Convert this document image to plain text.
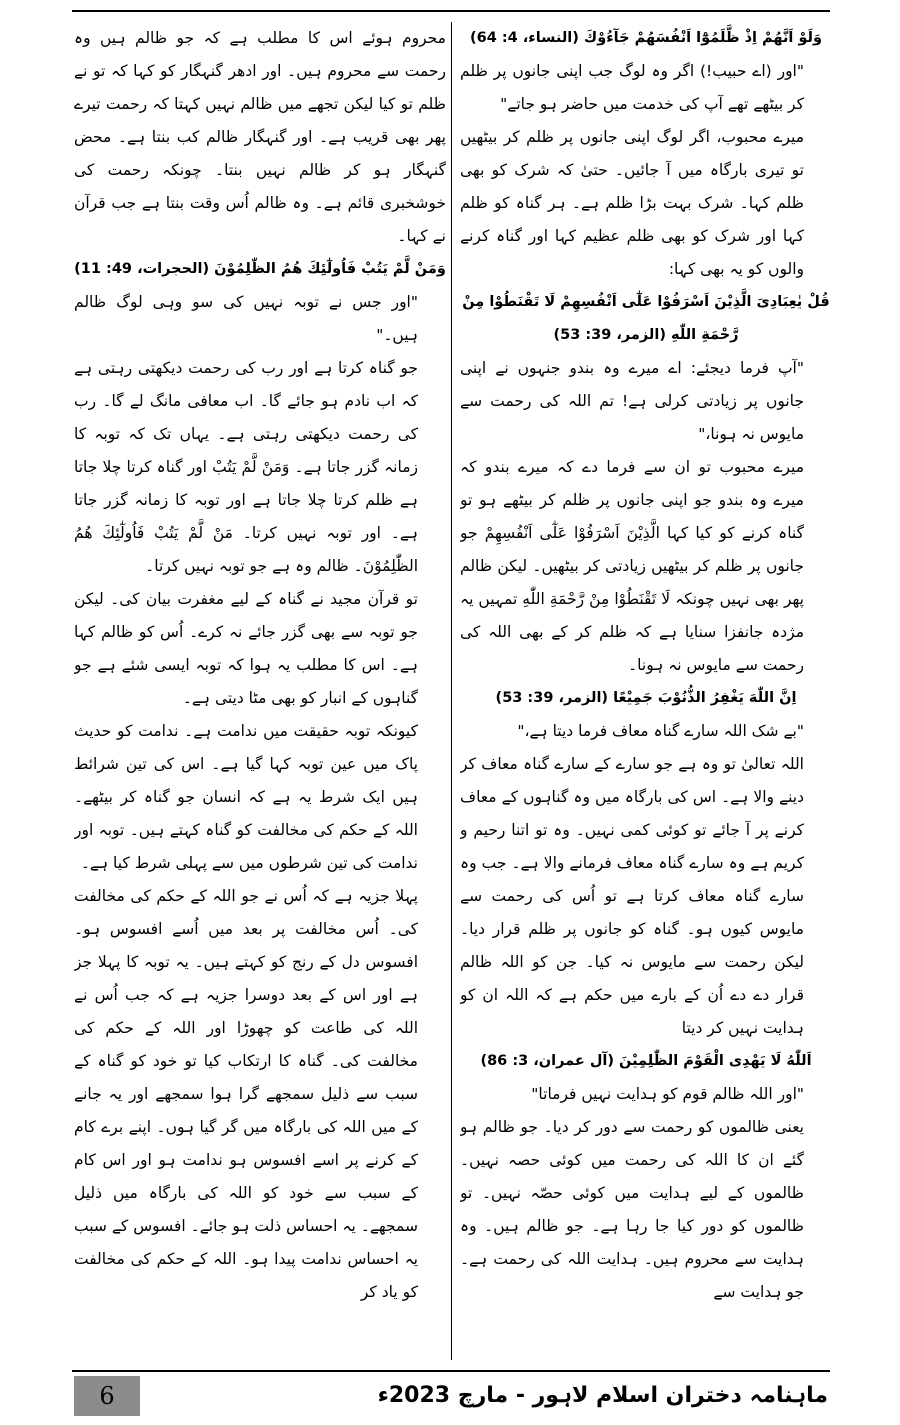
وَلَوْ اَنَّهُمْ اِذْ ظَّلَمُوْٓا اَنْفُسَهُمْ جَآءُوْكَ (النساء، 4: 64)

"اور (اے حبیب!) اگر وہ لوگ جب اپنی جانوں پر ظلم کر بیٹھے تھے آپ کی خدمت میں حاضر ہو جاتے"

میرے محبوب، اگر لوگ اپنی جانوں پر ظلم کر بیٹھیں تو تیری بارگاہ میں آ جائیں۔ حتیٰ کہ شرک کو بھی ظلم کہا۔ شرک بہت بڑا ظلم ہے۔ ہر گناہ کو ظلم کہا اور شرک کو بھی ظلم عظیم کہا اور گناہ کرنے والوں کو یہ بھی کہا:

قُلْ یٰعِبَادِیَ الَّذِیْنَ اَسْرَفُوْا عَلٰٓی اَنْفُسِهِمْ لَا تَقْنَطُوْا مِنْ رَّحْمَةِ اللّٰهِ (الزمر، 39: 53)

"آپ فرما دیجئے: اے میرے وہ بندو جنہوں نے اپنی جانوں پر زیادتی کرلی ہے! تم اللہ کی رحمت سے مایوس نہ ہونا،"

میرے محبوب تو ان سے فرما دے کہ میرے بندو کہ میرے وہ بندو جو اپنی جانوں پر ظلم کر بیٹھے ہو تو گناہ کرنے کو کیا کہا الَّذِیْنَ اَسْرَفُوْا عَلٰٓی اَنْفُسِهِمْ جو جانوں پر ظلم کر بیٹھیں زیادتی کر بیٹھیں۔ لیکن ظالم پھر بھی نہیں چونکہ لَا تَقْنَطُوْا مِنْ رَّحْمَةِ اللّٰهِ تمہیں یہ مژدہ جانفزا سنایا ہے کہ ظلم کر کے بھی اللہ کی رحمت سے مایوس نہ ہونا۔

اِنَّ اللّٰهَ یَغْفِرُ الذُّنُوْبَ جَمِیْعًا (الزمر، 39: 53)

"بے شک اللہ سارے گناہ معاف فرما دیتا ہے،"

اللہ تعالیٰ تو وہ ہے جو سارے کے سارے گناہ معاف کر دینے والا ہے۔ اس کی بارگاہ میں وہ گناہوں کے معاف کرنے پر آ جائے تو کوئی کمی نہیں۔ وہ تو اتنا رحیم و کریم ہے وہ سارے گناہ معاف فرمانے والا ہے۔ جب وہ سارے گناہ معاف کرتا ہے تو اُس کی رحمت سے مایوس کیوں ہو۔ گناہ کو جانوں پر ظلم قرار دیا۔ لیکن رحمت سے مایوس نہ کیا۔ جن کو اللہ ظالم قرار دے دے اُن کے بارے میں حکم ہے کہ اللہ ان کو ہدایت نہیں کر دیتا

اَللّٰهُ لَا یَهْدِی الْقَوْمَ الظّٰلِمِیْنَ (آل عمران، 3: 86)

"اور اللہ ظالم قوم کو ہدایت نہیں فرماتا"

یعنی ظالموں کو رحمت سے دور کر دیا۔ جو ظالم ہو گئے ان کا اللہ کی رحمت میں کوئی حصہ نہیں۔ ظالموں کے لیے ہدایت میں کوئی حصّہ نہیں۔ تو ظالموں کو دور کیا جا رہا ہے۔ جو ظالم ہیں۔ وہ ہدایت سے محروم ہیں۔ ہدایت اللہ کی رحمت ہے۔ جو ہدایت سے

محروم ہوئے اس کا مطلب ہے کہ جو ظالم ہیں وہ رحمت سے محروم ہیں۔ اور ادھر گنہگار کو کہا کہ تو نے ظلم تو کیا لیکن تجھے میں ظالم نہیں کہتا کہ رحمت تیرے پھر بھی قریب ہے۔ اور گنہگار ظالم کب بنتا ہے۔ محض گنہگار ہو کر ظالم نہیں بنتا۔ چونکہ رحمت کی خوشخبری قائم ہے۔ وہ ظالم اُس وقت بنتا ہے جب قرآن نے کہا۔

وَمَنْ لَّمْ یَتُبْ فَاُولٰٓئِكَ هُمُ الظّٰلِمُوْنَ (الحجرات، 49: 11)

"اور جس نے توبہ نہیں کی سو وہی لوگ ظالم ہیں۔"

جو گناہ کرتا ہے اور رب کی رحمت دیکھتی رہتی ہے کہ اب نادم ہو جائے گا۔ اب معافی مانگ لے گا۔ رب کی رحمت دیکھتی رہتی ہے۔ یہاں تک کہ توبہ کا زمانہ گزر جاتا ہے۔ وَمَنْ لَّمْ یَتُبْ اور گناہ کرتا چلا جاتا ہے ظلم کرتا چلا جاتا ہے اور توبہ کا زمانہ گزر جاتا ہے۔ اور توبہ نہیں کرتا۔ مَنْ لَّمْ یَتُبْ فَاُولٰٓئِكَ هُمُ الظّٰلِمُوْنَ۔ ظالم وہ ہے جو توبہ نہیں کرتا۔

تو قرآن مجید نے گناہ کے لیے مغفرت بیان کی۔ لیکن جو توبہ سے بھی گزر جائے نہ کرے۔ اُس کو ظالم کہا ہے۔ اس کا مطلب یہ ہوا کہ توبہ ایسی شئے ہے جو گناہوں کے انبار کو بھی مٹا دیتی ہے۔

کیونکہ توبہ حقیقت میں ندامت ہے۔ ندامت کو حدیث پاک میں عین توبہ کہا گیا ہے۔ اس کی تین شرائط ہیں ایک شرط یہ ہے کہ انسان جو گناہ کر بیٹھے۔ اللہ کے حکم کی مخالفت کو گناہ کہتے ہیں۔ توبہ اور ندامت کی تین شرطوں میں سے پہلی شرط کیا ہے۔

پہلا جزیہ ہے کہ اُس نے جو اللہ کے حکم کی مخالفت کی۔ اُس مخالفت پر بعد میں اُسے افسوس ہو۔ افسوس دل کے رنج کو کہتے ہیں۔ یہ توبہ کا پہلا جز ہے اور اس کے بعد دوسرا جزیہ ہے کہ جب اُس نے اللہ کی طاعت کو چھوڑا اور اللہ کے حکم کی مخالفت کی۔ گناہ کا ارتکاب کیا تو خود کو گناہ کے سبب سے ذلیل سمجھے گرا ہوا سمجھے اور یہ جانے کے میں اللہ کی بارگاہ میں گر گیا ہوں۔ اپنے برے کام کے کرنے پر اسے افسوس ہو ندامت ہو اور اس کام کے سبب سے خود کو اللہ کی بارگاہ میں ذلیل سمجھے۔ یہ احساس ذلت ہو جائے۔ افسوس کے سبب یہ احساس ندامت پیدا ہو۔ اللہ کے حکم کی مخالفت کو یاد کر

6	ماہنامہ دختران اسلام لاہور - مارچ 2023ء
